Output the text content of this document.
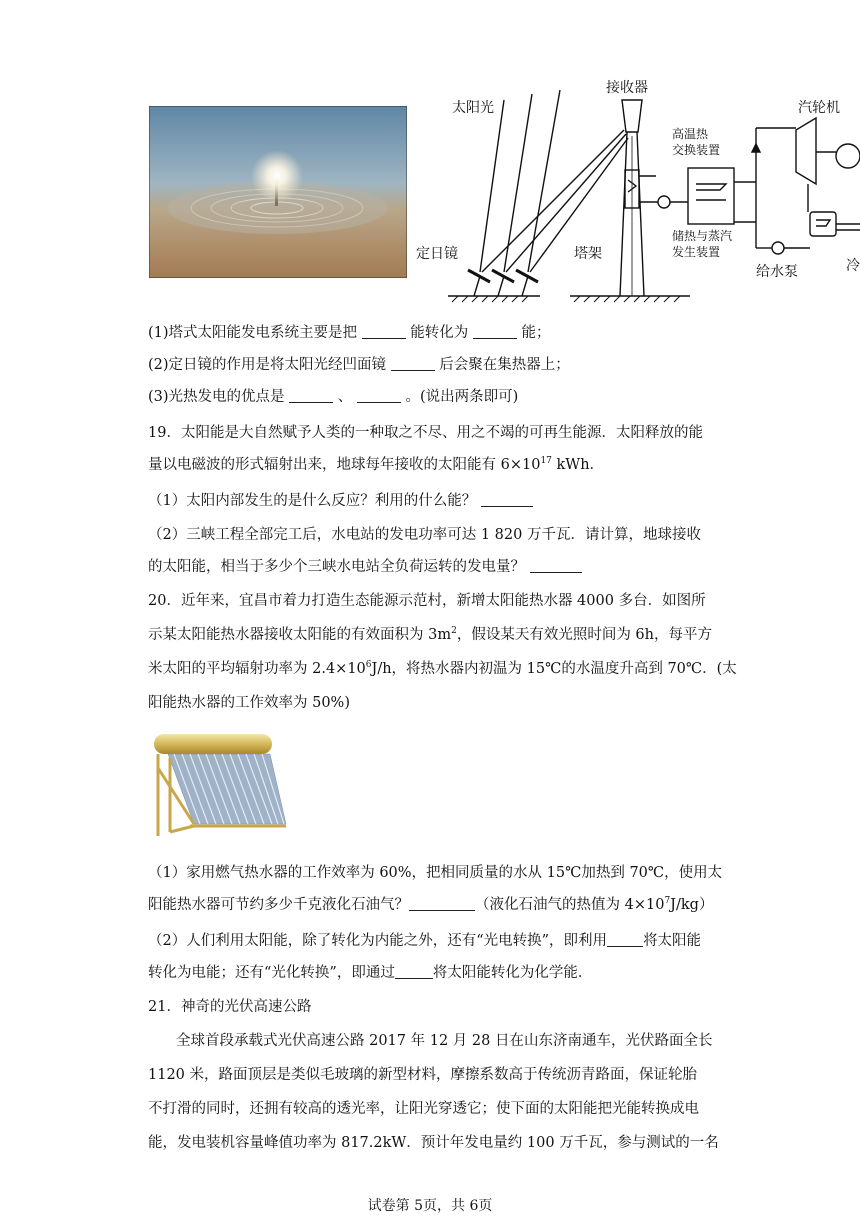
太阳光
接收器
高温热
交换装置
汽轮机
定日镜	塔架
储热与蒸汽
发生装置
给水泵	冷
(1)塔式太阳能发电系统主要是把	能转化为	能；
(2)定日镜的作用是将太阳光经凹面镜	后会聚在集热器上；
(3)光热发电的优点是	、	。(说出两条即可)
19．太阳能是大自然赋予人类的一种取之不尽、用之不竭的可再生能源．太阳释放的能
量以电磁波的形式辐射出来，地球每年接收的太阳能有 $6\times 10^{17}$ kWh．
（1）太阳内部发生的是什么反应？利用的什么能？
（2）三峡工程全部完工后，水电站的发电功率可达 1 820 万千瓦．请计算，地球接收
的太阳能，相当于多少个三峡水电站全负荷运转的发电量？
20．近年来，宜昌市着力打造生态能源示范村，新增太阳能热水器 4000 多台．如图所
示某太阳能热水器接收太阳能的有效面积为 $3m^2$，假设某天有效光照时间为 6h，每平方
米太阳的平均辐射功率为 $2.4\times 10^6J/h$，将热水器内初温为 15℃的水温度升高到 70℃．(太
阳能热水器的工作效率为 50%)
（1）家用燃气热水器的工作效率为 60%，把相同质量的水从 15℃加热到 70℃，使用太
阳能热水器可节约多少千克液化石油气？	（液化石油气的热值为 $4\times 10^7J/kg$）
（2）人们利用太阳能，除了转化为内能之外，还有“光电转换”，即利用 将太阳能
转化为电能；还有“光化转换”，即通过	将太阳能转化为化学能．
21．神奇的光伏高速公路
全球首段承载式光伏高速公路 2017 年 12 月 28 日在山东济南通车，光伏路面全长
1120 米，路面顶层是类似毛玻璃的新型材料，摩擦系数高于传统沥青路面，保证轮胎
不打滑的同时，还拥有较高的透光率，让阳光穿透它；使下面的太阳能把光能转换成电
能，发电装机容量峰值功率为 817.2kW．预计年发电量约 100 万千瓦，参与测试的一名
试卷第 5页，共 6页
